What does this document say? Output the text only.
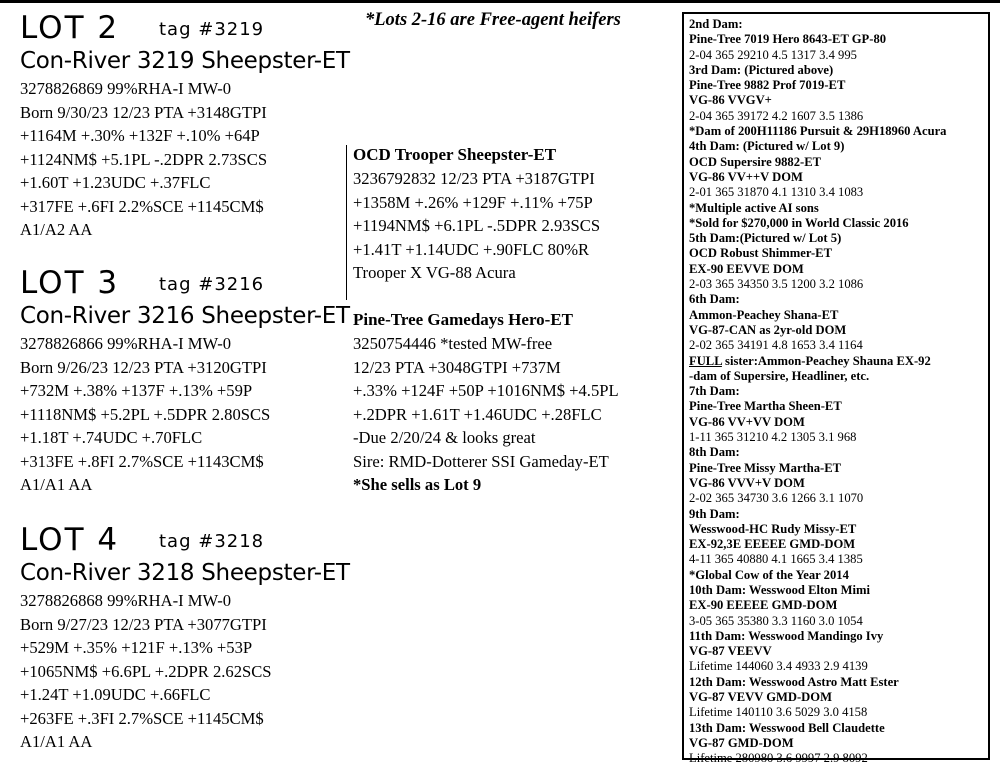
*Lots 2-16 are Free-agent heifers
LOT 2 tag #3219
Con-River 3219 Sheepster-ET
3278826869 99%RHA-I MW-0
Born 9/30/23 12/23 PTA +3148GTPI
+1164M +.30% +132F +.10% +64P
+1124NM$ +5.1PL -.2DPR 2.73SCS
+1.60T +1.23UDC +.37FLC
+317FE +.6FI 2.2%SCE +1145CM$
A1/A2 AA
LOT 3 tag #3216
Con-River 3216 Sheepster-ET
3278826866 99%RHA-I MW-0
Born 9/26/23 12/23 PTA +3120GTPI
+732M +.38% +137F +.13% +59P
+1118NM$ +5.2PL +.5DPR 2.80SCS
+1.18T +.74UDC +.70FLC
+313FE +.8FI 2.7%SCE +1143CM$
A1/A1 AA
LOT 4 tag #3218
Con-River 3218 Sheepster-ET
3278826868 99%RHA-I MW-0
Born 9/27/23 12/23 PTA +3077GTPI
+529M +.35% +121F +.13% +53P
+1065NM$ +6.6PL +.2DPR 2.62SCS
+1.24T +1.09UDC +.66FLC
+263FE +.3FI 2.7%SCE +1145CM$
A1/A1 AA
OCD Trooper Sheepster-ET
3236792832 12/23 PTA +3187GTPI
+1358M +.26% +129F +.11% +75P
+1194NM$ +6.1PL -.5DPR 2.93SCS
+1.41T +1.14UDC +.90FLC 80%R
Trooper X VG-88 Acura
Pine-Tree Gamedays Hero-ET
3250754446 *tested MW-free
12/23 PTA +3048GTPI +737M
+.33% +124F +50P +1016NM$ +4.5PL
+.2DPR +1.61T +1.46UDC +.28FLC
-Due 2/20/24 & looks great
Sire: RMD-Dotterer SSI Gameday-ET
*She sells as Lot 9
2nd Dam:
Pine-Tree 7019 Hero 8643-ET GP-80
2-04 365 29210 4.5 1317 3.4 995
3rd Dam: (Pictured above)
Pine-Tree 9882 Prof 7019-ET
VG-86 VVGV+
2-04 365 39172 4.2 1607 3.5 1386
*Dam of 200H11186 Pursuit & 29H18960 Acura
4th Dam: (Pictured w/ Lot 9)
OCD Supersire 9882-ET
VG-86 VV++V DOM
2-01 365 31870 4.1 1310 3.4 1083
*Multiple active AI sons
*Sold for $270,000 in World Classic 2016
5th Dam:(Pictured w/ Lot 5)
OCD Robust Shimmer-ET
EX-90 EEVVE DOM
2-03 365 34350 3.5 1200 3.2 1086
6th Dam:
Ammon-Peachey Shana-ET
VG-87-CAN as 2yr-old DOM
2-02 365 34191 4.8 1653 3.4 1164
FULL sister:Ammon-Peachey Shauna EX-92
-dam of Supersire, Headliner, etc.
7th Dam:
Pine-Tree Martha Sheen-ET
VG-86 VV+VV DOM
1-11 365 31210 4.2 1305 3.1 968
8th Dam:
Pine-Tree Missy Martha-ET
VG-86 VVV+V DOM
2-02 365 34730 3.6 1266 3.1 1070
9th Dam:
Wesswood-HC Rudy Missy-ET
EX-92,3E EEEEE GMD-DOM
4-11 365 40880 4.1 1665 3.4 1385
*Global Cow of the Year 2014
10th Dam: Wesswood Elton Mimi
EX-90 EEEEE GMD-DOM
3-05 365 35380 3.3 1160 3.0 1054
11th Dam: Wesswood Mandingo Ivy
VG-87 VEEVV
Lifetime 144060 3.4 4933 2.9 4139
12th Dam: Wesswood Astro Matt Ester
VG-87 VEVV GMD-DOM
Lifetime 140110 3.6 5029 3.0 4158
13th Dam: Wesswood Bell Claudette
VG-87 GMD-DOM
Lifetime 280980 3.6 9997 2.9 8092
